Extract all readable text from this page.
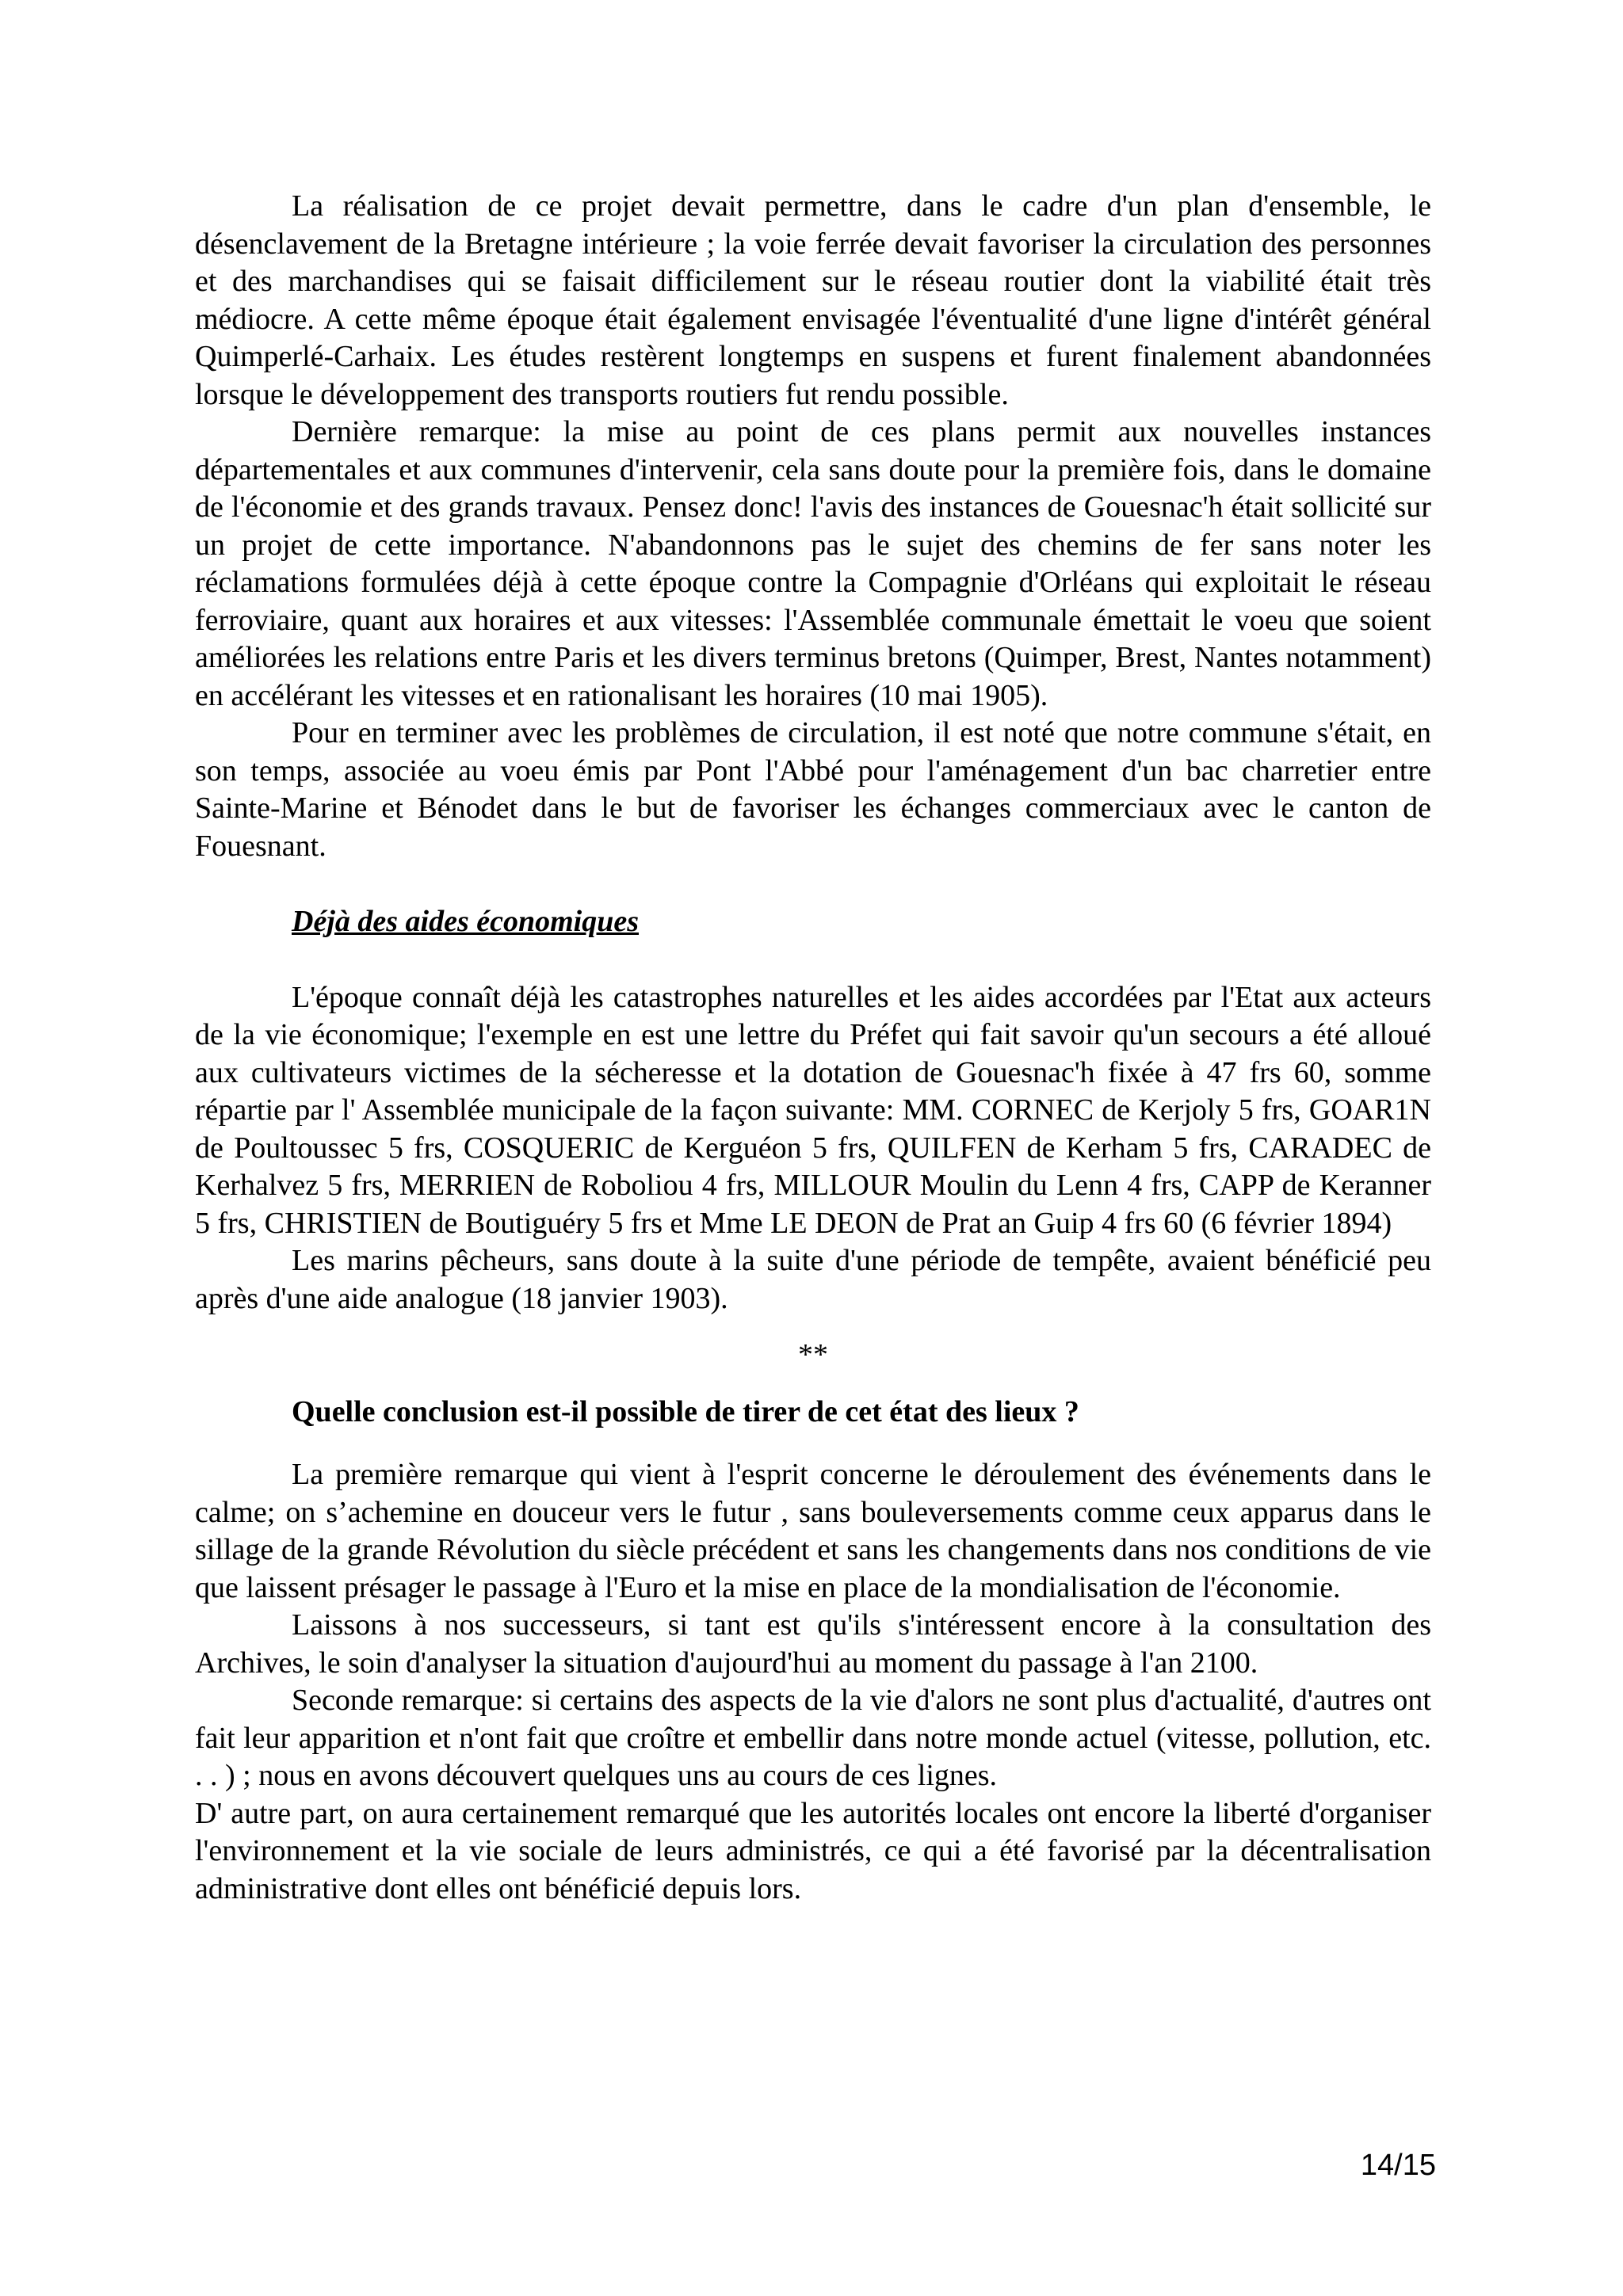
La réalisation de ce projet devait permettre, dans le cadre d'un plan d'ensemble, le désenclavement de la Bretagne intérieure ; la voie ferrée devait favoriser la circulation des personnes et des marchandises qui se faisait difficilement sur le réseau routier dont la viabilité était très médiocre. A cette même époque était également envisagée l'éventualité d'une ligne d'intérêt général Quimperlé-Carhaix. Les études restèrent longtemps en suspens et furent finalement abandonnées lorsque le développement des transports routiers fut rendu possible.

Dernière remarque: la mise au point de ces plans permit aux nouvelles instances départementales et aux communes d'intervenir, cela sans doute pour la première fois, dans le domaine de l'économie et des grands travaux. Pensez donc! l'avis des instances de Gouesnac'h était sollicité sur un projet de cette importance. N'abandonnons pas le sujet des chemins de fer sans noter les réclamations formulées déjà à cette époque contre la Compagnie d'Orléans qui exploitait le réseau ferroviaire, quant aux horaires et aux vitesses: l'Assemblée communale émettait le voeu que soient améliorées les relations entre Paris et les divers terminus bretons (Quimper, Brest, Nantes notamment) en accélérant les vitesses et en rationalisant les horaires (10 mai 1905).

Pour en terminer avec les problèmes de circulation, il est noté que notre commune s'était, en son temps, associée au voeu émis par Pont l'Abbé pour l'aménagement d'un bac charretier entre Sainte-Marine et Bénodet dans le but de favoriser les échanges commerciaux avec le canton de Fouesnant.

Déjà des aides économiques

L'époque connaît déjà les catastrophes naturelles et les aides accordées par l'Etat aux acteurs de la vie économique; l'exemple en est une lettre du Préfet qui fait savoir qu'un secours a été alloué aux cultivateurs victimes de la sécheresse et la dotation de Gouesnac'h fixée à 47 frs 60, somme répartie par l' Assemblée municipale de la façon suivante: MM. CORNEC de Kerjoly 5 frs, GOAR1N de Poultoussec 5 frs, COSQUERIC de Kerguéon 5 frs, QUILFEN de Kerham 5 frs, CARADEC de Kerhalvez 5 frs, MERRIEN de Roboliou 4 frs, MILLOUR Moulin du Lenn 4 frs, CAPP de Keranner 5 frs, CHRISTIEN de Boutiguéry 5 frs et Mme LE DEON de Prat an Guip 4 frs 60 (6 février 1894)

Les marins pêcheurs, sans doute à la suite d'une période de tempête, avaient bénéficié peu après d'une aide analogue (18 janvier 1903).

**

Quelle conclusion est-il possible de tirer de cet état des lieux ?

La première remarque qui vient à l'esprit concerne le déroulement des événements dans le calme; on s’achemine en douceur vers le futur , sans bouleversements comme ceux apparus dans le sillage de la grande Révolution du siècle précédent et sans les changements dans nos conditions de vie que laissent présager le passage à l'Euro et la mise en place de la mondialisation de l'économie.

Laissons à nos successeurs, si tant est qu'ils s'intéressent encore à la consultation des Archives, le soin d'analyser la situation d'aujourd'hui au moment du passage à l'an 2100.

Seconde remarque: si certains des aspects de la vie d'alors ne sont plus d'actualité, d'autres ont fait leur apparition et n'ont fait que croître et embellir dans notre monde actuel (vitesse, pollution, etc. . . ) ; nous en avons découvert quelques uns au cours de ces lignes.

D' autre part, on aura certainement remarqué que les autorités locales ont encore la liberté d'organiser l'environnement et la vie sociale de leurs administrés, ce qui a été favorisé par la décentralisation administrative dont elles ont bénéficié depuis lors.

14/15
